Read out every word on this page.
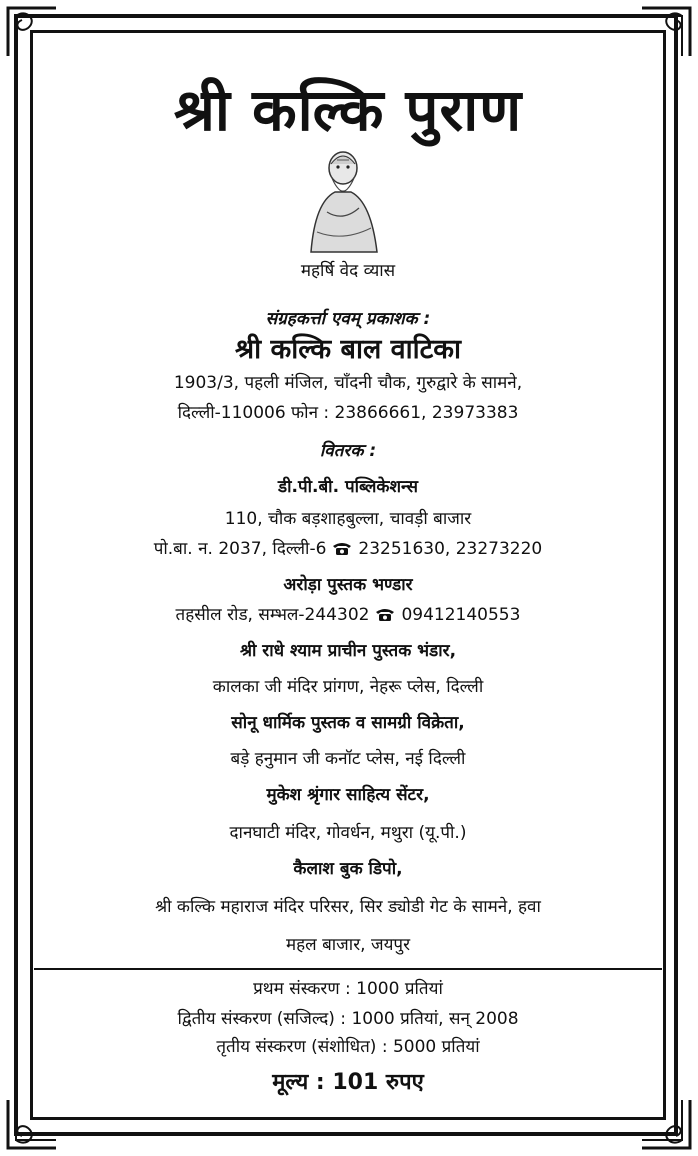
श्री कल्कि पुराण
महर्षि वेद व्यास
संग्रहकर्त्ता एवम् प्रकाशक :
श्री कल्कि बाल वाटिका
1903/3, पहली मंजिल, चाँदनी चौक, गुरुद्वारे के सामने,
दिल्ली-110006 फोन : 23866661, 23973383
वितरक :
डी.पी.बी. पब्लिकेशन्स
110, चौक बड़शाहबुल्ला, चावड़ी बाजार
पो.बा. न. 2037, दिल्ली-6 23251630, 23273220
अरोड़ा पुस्तक भण्डार
तहसील रोड, सम्भल-244302 09412140553
श्री राधे श्याम प्राचीन पुस्तक भंडार,
कालका जी मंदिर प्रांगण, नेहरू प्लेस, दिल्ली
सोनू धार्मिक पुस्तक व सामग्री विक्रेता,
बड़े हनुमान जी कनॉट प्लेस, नई दिल्ली
मुकेश श्रृंगार साहित्य सेंटर,
दानघाटी मंदिर, गोवर्धन, मथुरा (यू.पी.)
कैलाश बुक डिपो,
श्री कल्कि महाराज मंदिर परिसर, सिर ड्योडी गेट के सामने, हवा
महल बाजार, जयपुर
प्रथम संस्करण : 1000 प्रतियां
द्वितीय संस्करण (सजिल्द) : 1000 प्रतियां, सन् 2008
तृतीय संस्करण (संशोधित) : 5000 प्रतियां
मूल्य : 101 रुपए
